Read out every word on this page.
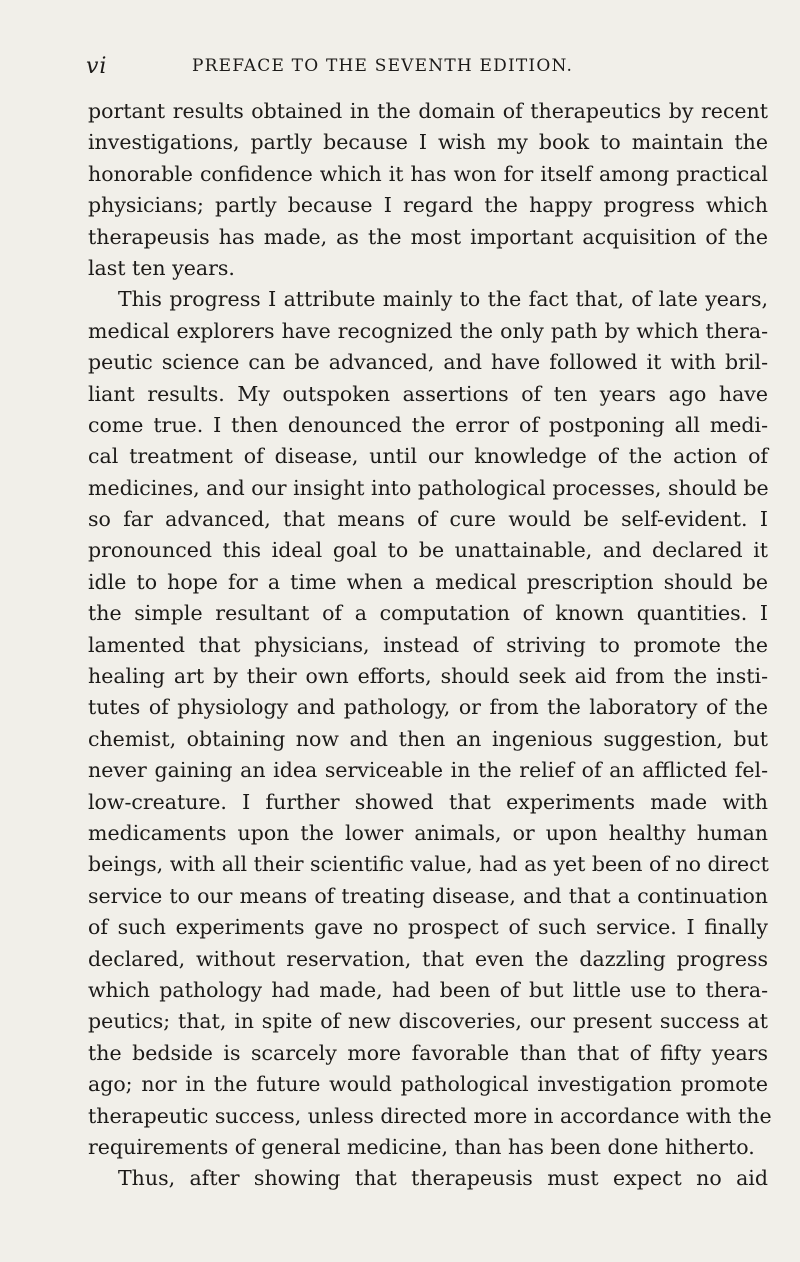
vi	PREFACE TO THE SEVENTH EDITION.
portant results obtained in the domain of therapeutics by recent
investigations, partly because I wish my book to maintain the
honorable confidence which it has won for itself among practical
physicians; partly because I regard the happy progress which
therapeusis has made, as the most important acquisition of the
last ten years.
This progress I attribute mainly to the fact that, of late years,
medical explorers have recognized the only path by which thera-
peutic science can be advanced, and have followed it with bril-
liant results. My outspoken assertions of ten years ago have
come true. I then denounced the error of postponing all medi-
cal treatment of disease, until our knowledge of the action of
medicines, and our insight into pathological processes, should be
so far advanced, that means of cure would be self-evident. I
pronounced this ideal goal to be unattainable, and declared it
idle to hope for a time when a medical prescription should be
the simple resultant of a computation of known quantities. I
lamented that physicians, instead of striving to promote the
healing art by their own efforts, should seek aid from the insti-
tutes of physiology and pathology, or from the laboratory of the
chemist, obtaining now and then an ingenious suggestion, but
never gaining an idea serviceable in the relief of an afflicted fel-
low-creature. I further showed that experiments made with
medicaments upon the lower animals, or upon healthy human
beings, with all their scientific value, had as yet been of no direct
service to our means of treating disease, and that a continuation
of such experiments gave no prospect of such service. I finally
declared, without reservation, that even the dazzling progress
which pathology had made, had been of but little use to thera-
peutics; that, in spite of new discoveries, our present success at
the bedside is scarcely more favorable than that of fifty years
ago; nor in the future would pathological investigation promote
therapeutic success, unless directed more in accordance with the
requirements of general medicine, than has been done hitherto.
Thus, after showing that therapeusis must expect no aid
